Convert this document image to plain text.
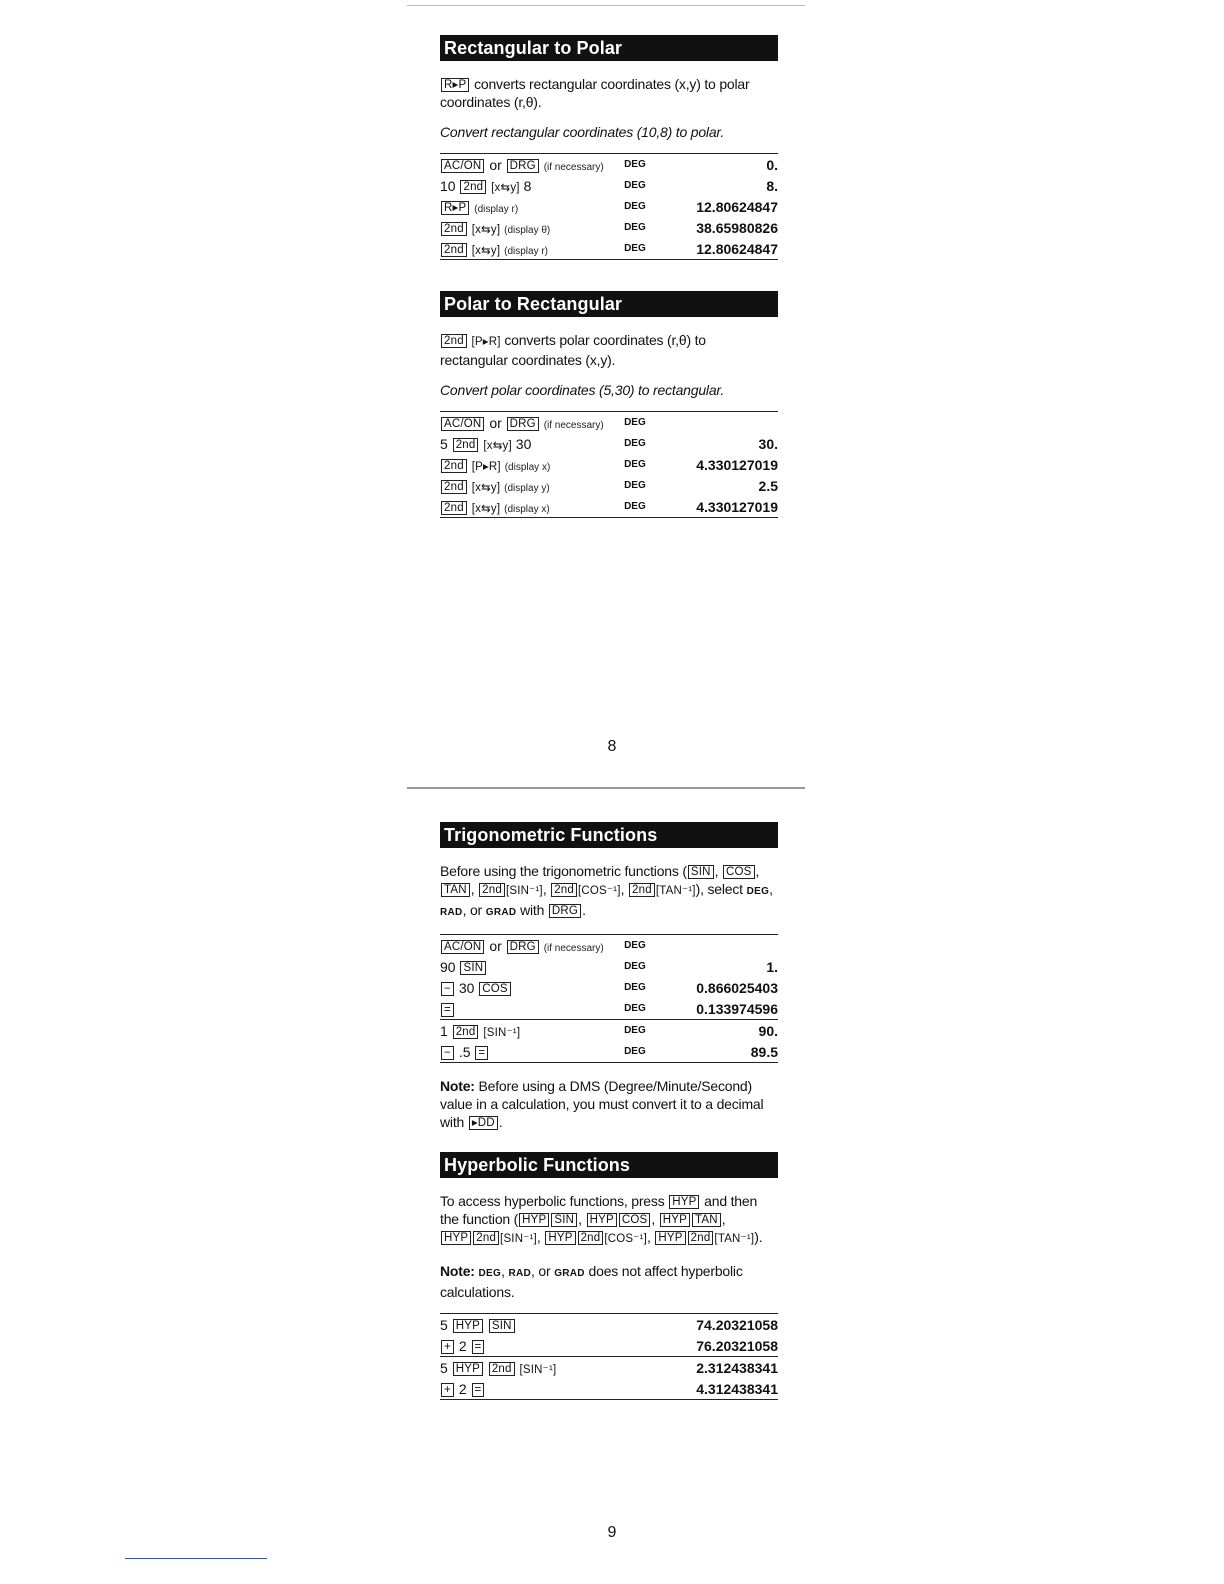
Rectangular to Polar
R▸P converts rectangular coordinates (x,y) to polar
coordinates (r,θ).
Convert rectangular coordinates (10,8) to polar.
AC/ON or DRG (if necessary)	DEG	0.
10 2nd [x⇆y] 8	DEG	8.
R▸P (display r)	DEG	12.80624847
2nd [x⇆y] (display θ)	DEG	38.65980826
2nd [x⇆y] (display r)	DEG	12.80624847
Polar to Rectangular
2nd [P▸R] converts polar coordinates (r,θ) to
rectangular coordinates (x,y).
Convert polar coordinates (5,30) to rectangular.
AC/ON or DRG (if necessary)	DEG	
5 2nd [x⇆y] 30	DEG	30.
2nd [P▸R] (display x)	DEG	4.330127019
2nd [x⇆y] (display y)	DEG	2.5
2nd [x⇆y] (display x)	DEG	4.330127019
8
Trigonometric Functions
Before using the trigonometric functions ( SIN , COS ,
TAN , 2nd [SIN⁻¹], 2nd [COS⁻¹], 2nd [TAN⁻¹]), select DEG,
RAD, or GRAD with DRG .
AC/ON or DRG (if necessary)	DEG	
90 SIN	DEG	1.
− 30 COS	DEG	0.866025403
=	DEG	0.133974596
1 2nd [SIN⁻¹]	DEG	90.
− .5 =	DEG	89.5
Note: Before using a DMS (Degree/Minute/Second)
value in a calculation, you must convert it to a decimal
with ▸DD .
Hyperbolic Functions
To access hyperbolic functions, press HYP and then
the function ( HYP SIN , HYP COS , HYP TAN ,
HYP 2nd [SIN⁻¹], HYP 2nd [COS⁻¹], HYP 2nd [TAN⁻¹]).
Note: DEG, RAD, or GRAD does not affect hyperbolic
calculations.
5 HYP SIN	74.20321058
+ 2 =	76.20321058
5 HYP 2nd [SIN⁻¹]	2.312438341
+ 2 =	4.312438341
9
